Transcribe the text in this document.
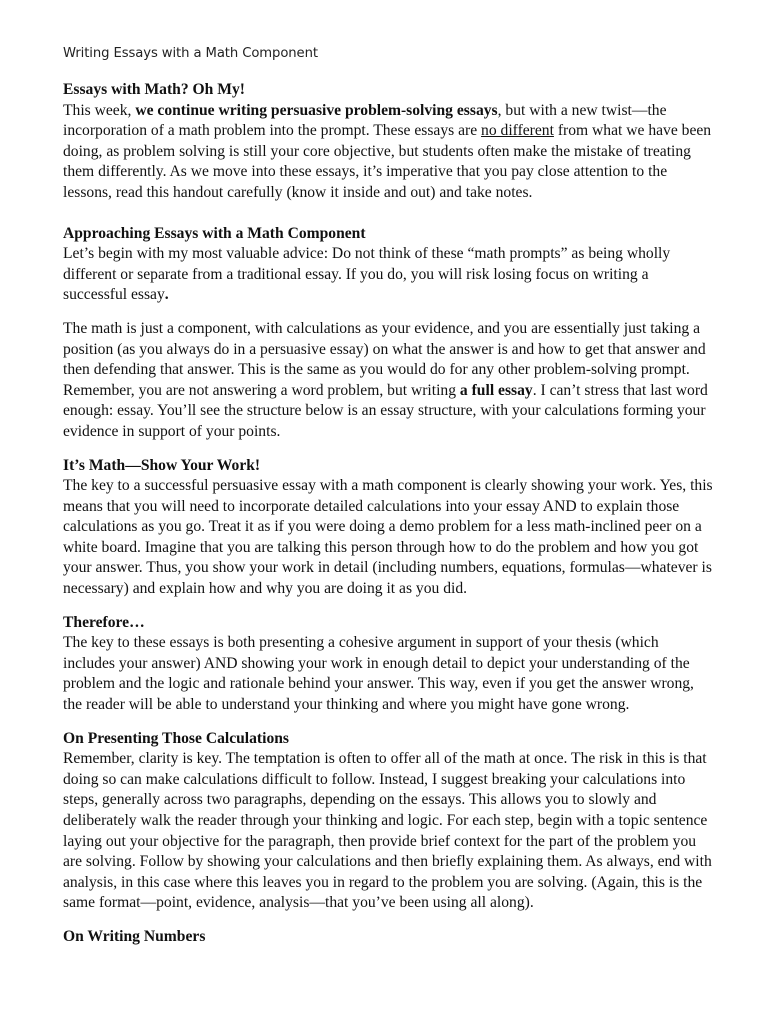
Writing Essays with a Math Component
Essays with Math? Oh My!

This week, we continue writing persuasive problem-solving essays, but with a new twist—the incorporation of a math problem into the prompt. These essays are no different from what we have been doing, as problem solving is still your core objective, but students often make the mistake of treating them differently. As we move into these essays, it’s imperative that you pay close attention to the lessons, read this handout carefully (know it inside and out) and take notes.

Approaching Essays with a Math Component

Let’s begin with my most valuable advice: Do not think of these “math prompts” as being wholly different or separate from a traditional essay. If you do, you will risk losing focus on writing a successful essay.

The math is just a component, with calculations as your evidence, and you are essentially just taking a position (as you always do in a persuasive essay) on what the answer is and how to get that answer and then defending that answer. This is the same as you would do for any other problem-solving prompt. Remember, you are not answering a word problem, but writing a full essay. I can’t stress that last word enough: essay. You’ll see the structure below is an essay structure, with your calculations forming your evidence in support of your points.

It’s Math—Show Your Work!

The key to a successful persuasive essay with a math component is clearly showing your work. Yes, this means that you will need to incorporate detailed calculations into your essay AND to explain those calculations as you go. Treat it as if you were doing a demo problem for a less math-inclined peer on a white board. Imagine that you are talking this person through how to do the problem and how you got your answer. Thus, you show your work in detail (including numbers, equations, formulas—whatever is necessary) and explain how and why you are doing it as you did.

Therefore…

The key to these essays is both presenting a cohesive argument in support of your thesis (which includes your answer) AND showing your work in enough detail to depict your understanding of the problem and the logic and rationale behind your answer. This way, even if you get the answer wrong, the reader will be able to understand your thinking and where you might have gone wrong.

On Presenting Those Calculations

Remember, clarity is key. The temptation is often to offer all of the math at once. The risk in this is that doing so can make calculations difficult to follow. Instead, I suggest breaking your calculations into steps, generally across two paragraphs, depending on the essays. This allows you to slowly and deliberately walk the reader through your thinking and logic. For each step, begin with a topic sentence laying out your objective for the paragraph, then provide brief context for the part of the problem you are solving. Follow by showing your calculations and then briefly explaining them. As always, end with analysis, in this case where this leaves you in regard to the problem you are solving. (Again, this is the same format—point, evidence, analysis—that you’ve been using all along).

On Writing Numbers
